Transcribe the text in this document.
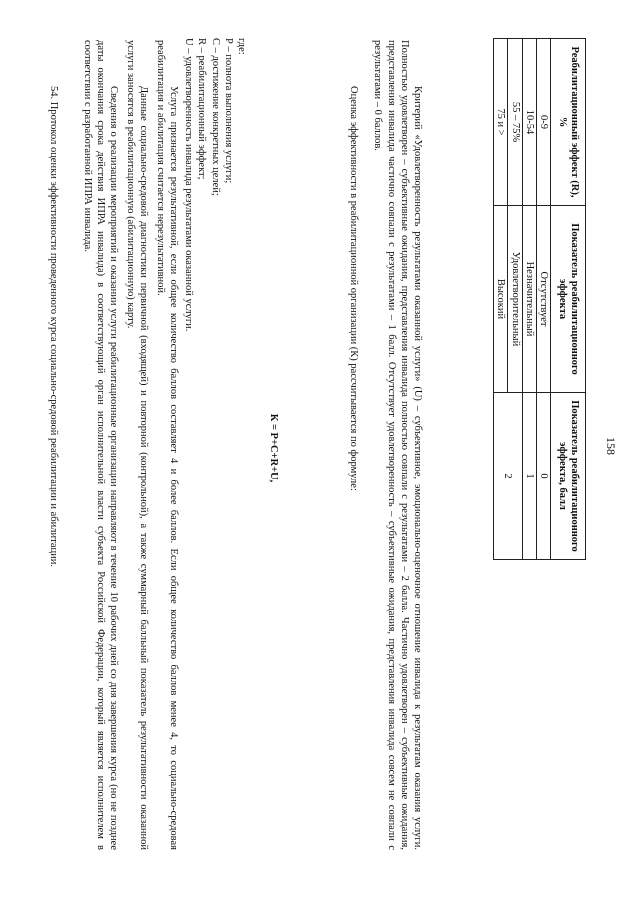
158
Реабилитационный эффект (R), %	Показатель реабилитационного эффекта	Показатель реабилитационного эффекта, балл
0-9	Отсутствует	0
10-54	Незначительный	1
55 – 75%	Удовлетворительный	2
75 и >	Высокий	

Критерий «Удовлетворенность результатами оказанной услуги» (U) – субъективное, эмоционально-оценочное отношение инвалида к результатам оказания услуги. Полностью удовлетворен – субъективные ожидания, представления инвалида полностью совпали с результатами – 2 балла. Частично удовлетворен – субъективные ожидания, представления инвалида частично совпали с результатами – 1 балл. Отсутствует удовлетворенность – субъективные ожидания, представления инвалида совсем не совпали с результатами – 0 баллов.

Оценка эффективности в реабилитационной организации (К) рассчитывается по формуле:

К = Р+С+R+U,
где:
Р – полнота выполнения услуги;
С – достижение конкретных целей;
R – реабилитационный эффект;
U – удовлетворенность инвалида результатами оказанной услуги.

Услуга признается результативной, если общее количество баллов составляет 4 и более баллов. Если общее количество баллов менее 4, то социально-средовая реабилитация и абилитация считается нерезультативной.

Данные социально-средовой диагностики первичной (входящей) и повторной (контрольной), а также суммарный балльный показатель результативности оказанной услуги заносятся в реабилитационную (абилитационную) карту.

Сведения о реализации мероприятий и оказании услуги реабилитационные организации направляют в течение 10 рабочих дней со дня завершения курса (но не позднее даты окончания срока действия ИПРА инвалида) в соответствующий орган исполнительной власти субъекта Российской Федерации, который является исполнителем в соответствии с разработанной ИПРА инвалида.

54. Протокол оценки эффективности проведенного курса социально-средовой реабилитации и абилитации.
